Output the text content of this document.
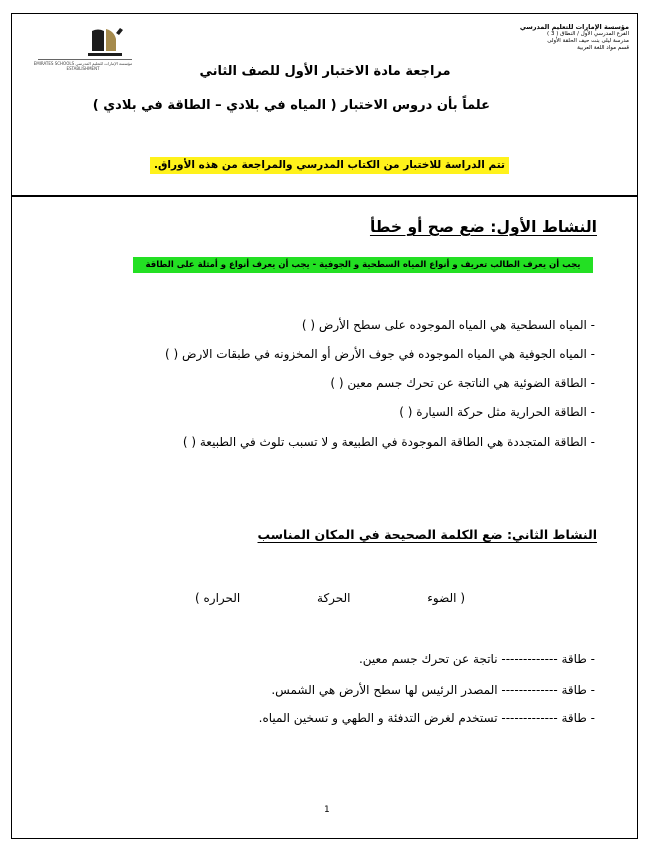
مؤسسة الإمارات للتعليم المدرسي
الفرع المدرسي الأول / النطاق ( 3 )
مدرسة ليلى بنت حيف الحلقة الأولى
قسم مواد اللغة العربية
مؤسسة الإمارات للتعليم المدرسي EMIRATES SCHOOLS ESTABLISHMENT	مراجعة مادة الاختبار الأول للصف الثاني
علماً بأن دروس الاختبار ( المياه في بلادي – الطاقة في بلادي )
تتم الدراسة للاختبار من الكتاب المدرسي والمراجعة من هذه الأوراق.
النشاط الأول: ضع صح أو خطأ
يجب أن يعرف الطالب تعريف و أنواع المياه السطحية و الجوفية - يجب أن يعرف أنواع و أمثلة على الطاقة
- المياه السطحية هي المياه الموجوده على سطح الأرض ( )
- المياه الجوفية هي المياه الموجوده في جوف الأرض أو المخزونه في طبقات الارض ( )
- الطاقة الضوئية هي الناتجة عن تحرك جسم معين ( )
- الطاقة الحرارية مثل حركة السيارة ( )
- الطاقة المتجددة هي الطاقة الموجودة في الطبيعة و لا تسبب تلوث في الطبيعة ( )
النشاط الثاني: ضع الكلمة الصحيحة في المكان المناسب
( الضوء
الحركة
الحراره )
- طاقة ------------- ناتجة عن تحرك جسم معين.
- طاقة ------------- المصدر الرئيس لها سطح الأرض هي الشمس.
- طاقة ------------- تستخدم لغرض التدفئة و الطهي و تسخين المياه.
1
